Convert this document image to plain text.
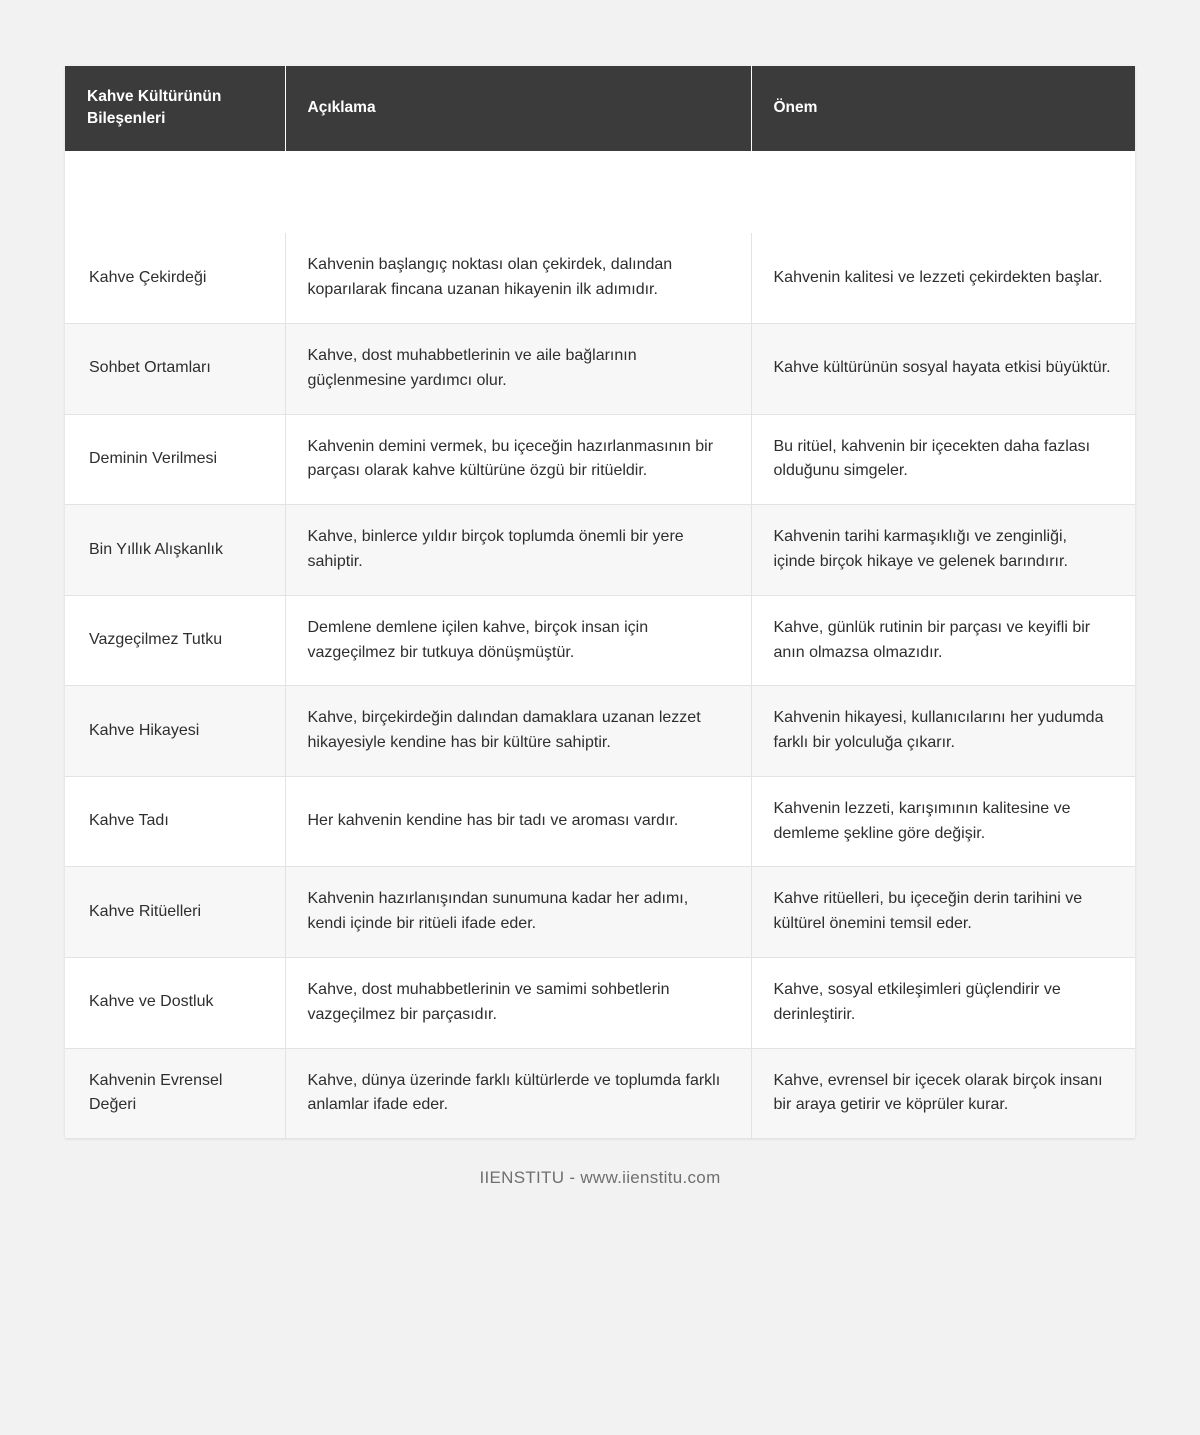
Günümüzde Kahve Kültürü		

Kahve Kültürünün Bileşenleri	Açıklama	Önem
Kahve Çekirdeği	Kahvenin başlangıç noktası olan çekirdek, dalından koparılarak fincana uzanan hikayenin ilk adımıdır.	Kahvenin kalitesi ve lezzeti çekirdekten başlar.
Sohbet Ortamları	Kahve, dost muhabbetlerinin ve aile bağlarının güçlenmesine yardımcı olur.	Kahve kültürünün sosyal hayata etkisi büyüktür.
Deminin Verilmesi	Kahvenin demini vermek, bu içeceğin hazırlanmasının bir parçası olarak kahve kültürüne özgü bir ritüeldir.	Bu ritüel, kahvenin bir içecekten daha fazlası olduğunu simgeler.
Bin Yıllık Alışkanlık	Kahve, binlerce yıldır birçok toplumda önemli bir yere sahiptir.	Kahvenin tarihi karmaşıklığı ve zenginliği, içinde birçok hikaye ve gelenek barındırır.
Vazgeçilmez Tutku	Demlene demlene içilen kahve, birçok insan için vazgeçilmez bir tutkuya dönüşmüştür.	Kahve, günlük rutinin bir parçası ve keyifli bir anın olmazsa olmazıdır.
Kahve Hikayesi	Kahve, birçekirdeğin dalından damaklara uzanan lezzet hikayesiyle kendine has bir kültüre sahiptir.	Kahvenin hikayesi, kullanıcılarını her yudumda farklı bir yolculuğa çıkarır.
Kahve Tadı	Her kahvenin kendine has bir tadı ve aroması vardır.	Kahvenin lezzeti, karışımının kalitesine ve demleme şekline göre değişir.
Kahve Ritüelleri	Kahvenin hazırlanışından sunumuna kadar her adımı, kendi içinde bir ritüeli ifade eder.	Kahve ritüelleri, bu içeceğin derin tarihini ve kültürel önemini temsil eder.
Kahve ve Dostluk	Kahve, dost muhabbetlerinin ve samimi sohbetlerin vazgeçilmez bir parçasıdır.	Kahve, sosyal etkileşimleri güçlendirir ve derinleştirir.
Kahvenin Evrensel Değeri	Kahve, dünya üzerinde farklı kültürlerde ve toplumda farklı anlamlar ifade eder.	Kahve, evrensel bir içecek olarak birçok insanı bir araya getirir ve köprüler kurar.
IIENSTITU - www.iienstitu.com
